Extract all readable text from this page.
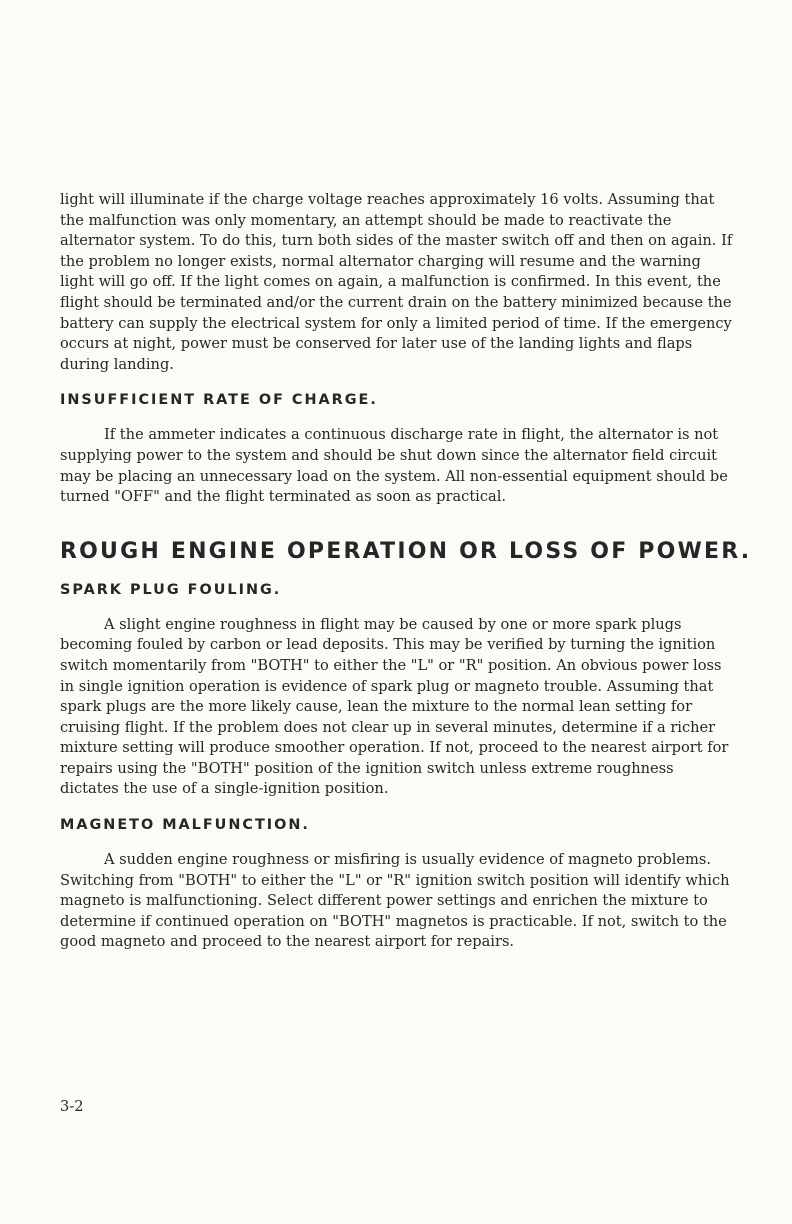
light will illuminate if the charge voltage reaches approximately 16 volts. Assuming that the malfunction was only momentary, an attempt should be made to reactivate the alternator system. To do this, turn both sides of the master switch off and then on again. If the problem no longer exists, normal alternator charging will resume and the warning light will go off. If the light comes on again, a malfunction is confirmed. In this event, the flight should be terminated and/or the current drain on the battery minimized because the battery can supply the electrical system for only a limited period of time. If the emergency occurs at night, power must be conserved for later use of the landing lights and flaps during landing.

INSUFFICIENT RATE OF CHARGE.

If the ammeter indicates a continuous discharge rate in flight, the alternator is not supplying power to the system and should be shut down since the alternator field circuit may be placing an unnecessary load on the system. All non-essential equipment should be turned "OFF" and the flight terminated as soon as practical.

ROUGH ENGINE OPERATION OR LOSS OF POWER.
SPARK PLUG FOULING.

A slight engine roughness in flight may be caused by one or more spark plugs becoming fouled by carbon or lead deposits. This may be verified by turning the ignition switch momentarily from "BOTH" to either the "L" or "R" position. An obvious power loss in single ignition operation is evidence of spark plug or magneto trouble. Assuming that spark plugs are the more likely cause, lean the mixture to the normal lean setting for cruising flight. If the problem does not clear up in several minutes, determine if a richer mixture setting will produce smoother operation. If not, proceed to the nearest airport for repairs using the "BOTH" position of the ignition switch unless extreme roughness dictates the use of a single-ignition position.

MAGNETO MALFUNCTION.

A sudden engine roughness or misfiring is usually evidence of magneto problems. Switching from "BOTH" to either the "L" or "R" ignition switch position will identify which magneto is malfunctioning. Select different power settings and enrichen the mixture to determine if continued operation on "BOTH" magnetos is practicable. If not, switch to the good magneto and proceed to the nearest airport for repairs.

3-2
